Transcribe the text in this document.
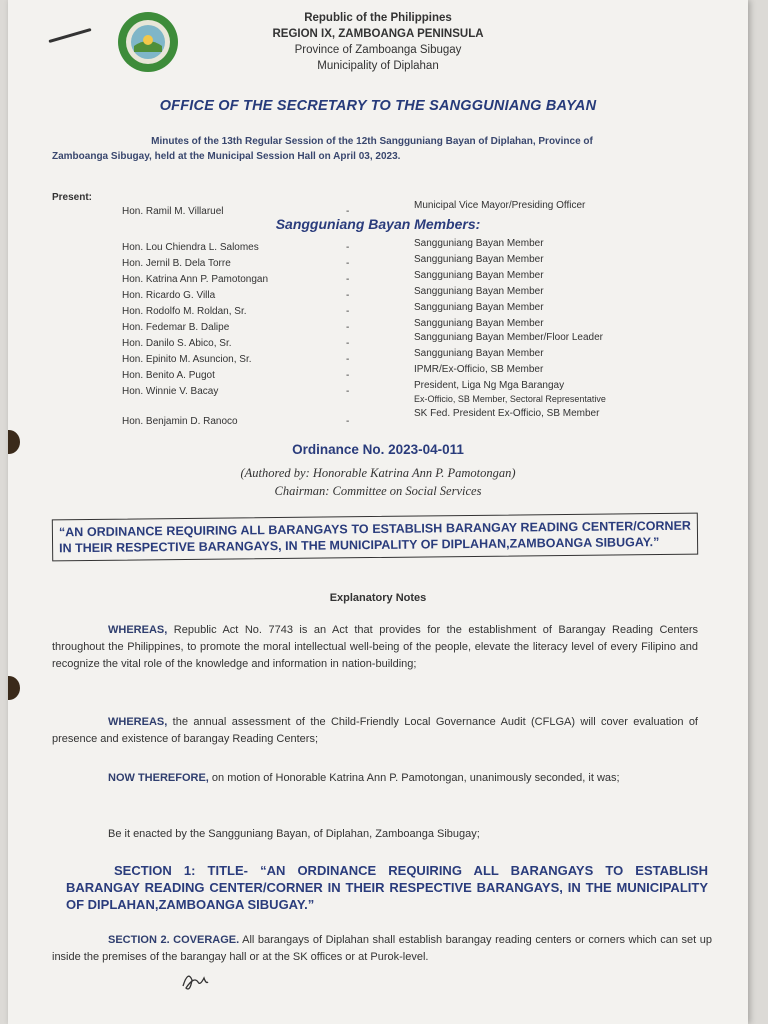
Republic of the Philippines
REGION IX, ZAMBOANGA PENINSULA
Province of Zamboanga Sibugay
Municipality of Diplahan
OFFICE OF THE SECRETARY TO THE SANGGUNIANG BAYAN
Minutes of the 13th Regular Session of the 12th Sangguniang Bayan of Diplahan, Province of
Zamboanga Sibugay, held at the Municipal Session Hall on April 03, 2023.
Present:
Hon. Ramil M. Villaruel	-
Municipal Vice Mayor/Presiding Officer
Sangguniang Bayan Members:
Hon. Lou Chiendra L. Salomes	-	Sangguniang Bayan Member
Hon. Jernil B. Dela Torre	-	Sangguniang Bayan Member
Hon. Katrina Ann P. Pamotongan	-	Sangguniang Bayan Member
Hon. Ricardo G. Villa	-	Sangguniang Bayan Member
Hon. Rodolfo M. Roldan, Sr.	-	Sangguniang Bayan Member
Hon. Fedemar B. Dalipe	-	Sangguniang Bayan Member
Hon. Danilo S. Abico, Sr.	-
Sangguniang Bayan Member/Floor Leader
Hon. Epinito M. Asuncion, Sr.	-
Sangguniang Bayan Member
Hon. Benito A. Pugot	-
IPMR/Ex-Officio, SB Member
Hon. Winnie V. Bacay	-
President, Liga Ng Mga Barangay
Ex-Officio, SB Member, Sectoral Representative
Hon. Benjamin D. Ranoco	-
SK Fed. President Ex-Officio, SB Member
Ordinance No. 2023-04-011
(Authored by: Honorable Katrina Ann P. Pamotongan)
Chairman: Committee on Social Services
“AN ORDINANCE REQUIRING ALL BARANGAYS TO ESTABLISH BARANGAY READING CENTER/CORNER IN THEIR RESPECTIVE BARANGAYS, IN THE MUNICIPALITY OF DIPLAHAN,ZAMBOANGA SIBUGAY.”
Explanatory Notes
WHEREAS, Republic Act No. 7743 is an Act that provides for the establishment of Barangay Reading Centers throughout the Philippines, to promote the moral intellectual well-being of the people, elevate the literacy level of every Filipino and recognize the vital role of the knowledge and information in nation-building;
WHEREAS, the annual assessment of the Child-Friendly Local Governance Audit (CFLGA) will cover evaluation of presence and existence of barangay Reading Centers;
NOW THEREFORE, on motion of Honorable Katrina Ann P. Pamotongan, unanimously seconded, it was;
Be it enacted by the Sangguniang Bayan, of Diplahan, Zamboanga Sibugay;
SECTION 1: TITLE- “AN ORDINANCE REQUIRING ALL BARANGAYS TO ESTABLISH BARANGAY READING CENTER/CORNER IN THEIR RESPECTIVE BARANGAYS, IN THE MUNICIPALITY OF DIPLAHAN,ZAMBOANGA SIBUGAY.”
SECTION 2. COVERAGE. All barangays of Diplahan shall establish barangay reading centers or corners which can set up inside the premises of the barangay hall or at the SK offices or at Purok-level.
